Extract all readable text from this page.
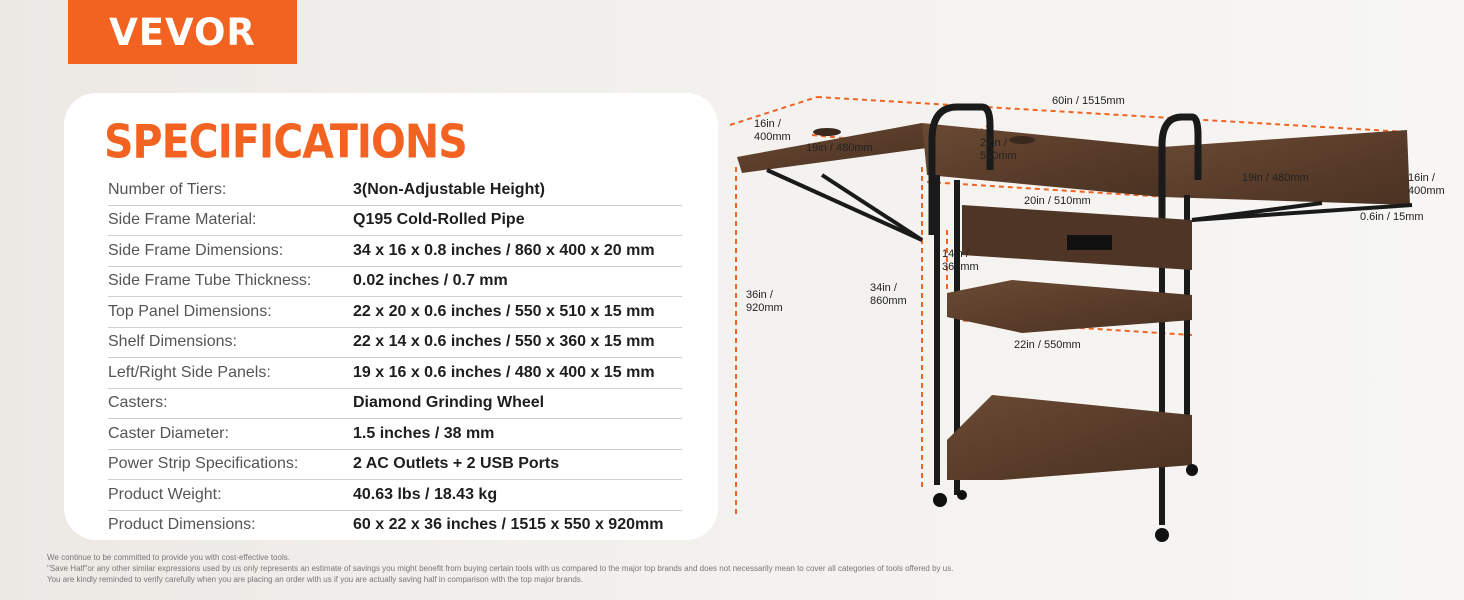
VEVOR
SPECIFICATIONS
Number of Tiers:	3(Non-Adjustable Height)
Side Frame Material:	Q195 Cold-Rolled Pipe
Side Frame Dimensions:	34 x 16 x 0.8 inches / 860 x 400 x 20 mm
Side Frame Tube Thickness:	0.02 inches / 0.7 mm
Top Panel Dimensions:	22 x 20 x 0.6 inches / 550 x 510 x 15 mm
Shelf Dimensions:	22 x 14 x 0.6 inches / 550 x 360 x 15 mm
Left/Right Side Panels:	19 x 16 x 0.6 inches / 480 x 400 x 15 mm
Casters:	Diamond Grinding Wheel
Caster Diameter:	1.5 inches / 38 mm
Power Strip Specifications:	2 AC Outlets + 2 USB Ports
Product Weight:	40.63 lbs / 18.43 kg
Product Dimensions:	60 x 22 x 36 inches / 1515 x 550 x 920mm
60in / 1515mm
16in /
400mm
19in / 480mm	22in /
550mm
19in / 480mm	16in /
400mm
20in / 510mm
0.6in / 15mm
14in /
360mm
36in /
920mm
34in /
860mm
22in / 550mm
We continue to be committed to provide you with cost-effective tools.
"Save Half"or any other similar expressions used by us only represents an estimate of savings you might benefit from buying certain tools with us compared to the major top brands and does not necessarily mean to cover all categories of tools offered by us.
You are kindly reminded to verify carefully when you are placing an order with us if you are actually saving half in comparison with the top major brands.
